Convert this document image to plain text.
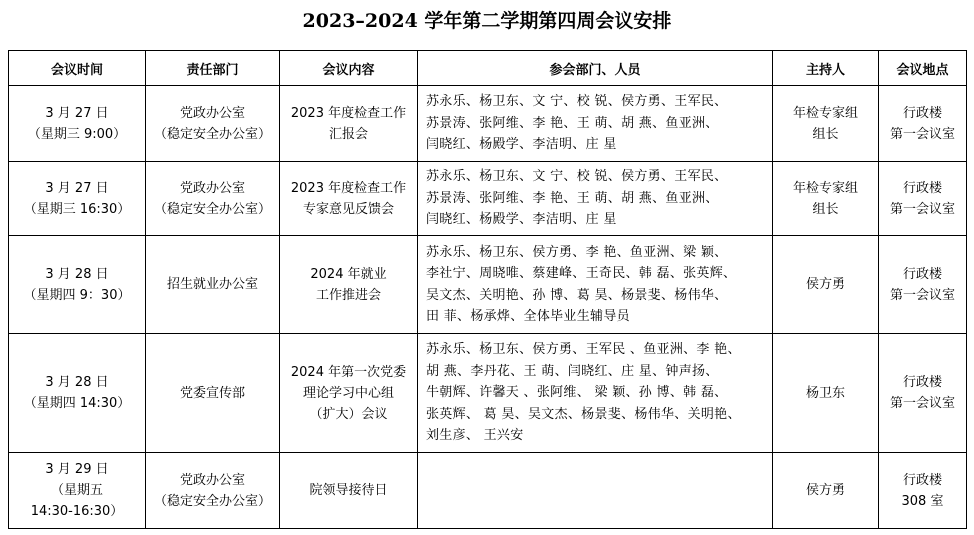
2023–2024 学年第二学期第四周会议安排
会议时间	责任部门	会议内容	参会部门、人员	主持人	会议地点

3 月 27 日
（星期三 9:00）	党政办公室
（稳定安全办公室）	2023 年度检查工作
汇报会	苏永乐、杨卫东、文 宁、校 锐、侯方勇、王军民、
苏景涛、张阿维、李 艳、王 萌、胡 燕、鱼亚洲、
闫晓红、杨殿学、李洁明、庄 星	年检专家组
组长	行政楼
第一会议室

3 月 27 日
（星期三 16:30）	党政办公室
（稳定安全办公室）	2023 年度检查工作
专家意见反馈会	苏永乐、杨卫东、文 宁、校 锐、侯方勇、王军民、
苏景涛、张阿维、李 艳、王 萌、胡 燕、鱼亚洲、
闫晓红、杨殿学、李洁明、庄 星	年检专家组
组长	行政楼
第一会议室

3 月 28 日
（星期四 9：30）	招生就业办公室	2024 年就业
工作推进会	苏永乐、杨卫东、侯方勇、李 艳、鱼亚洲、梁 颖、
李社宁、周晓唯、蔡建峰、王奇民、韩 磊、张英辉、
吴文杰、关明艳、孙 博、葛 昊、杨景斐、杨伟华、
田 菲、杨承烨、全体毕业生辅导员	侯方勇	行政楼
第一会议室

3 月 28 日
（星期四 14:30）	党委宣传部	2024 年第一次党委
理论学习中心组
（扩大）会议	苏永乐、杨卫东、侯方勇、王军民 、鱼亚洲、李 艳、
胡 燕、李丹花、王 萌、闫晓红、庄 星、钟声扬、
牛朝辉、许馨天 、张阿维、 梁 颖、孙 博、韩 磊、
张英辉、 葛 昊、吴文杰、杨景斐、杨伟华、关明艳、
刘生彦、 王兴安	杨卫东	行政楼
第一会议室

3 月 29 日
（星期五
14:30-16:30）	党政办公室
（稳定安全办公室）	院领导接待日		侯方勇	行政楼
308 室
